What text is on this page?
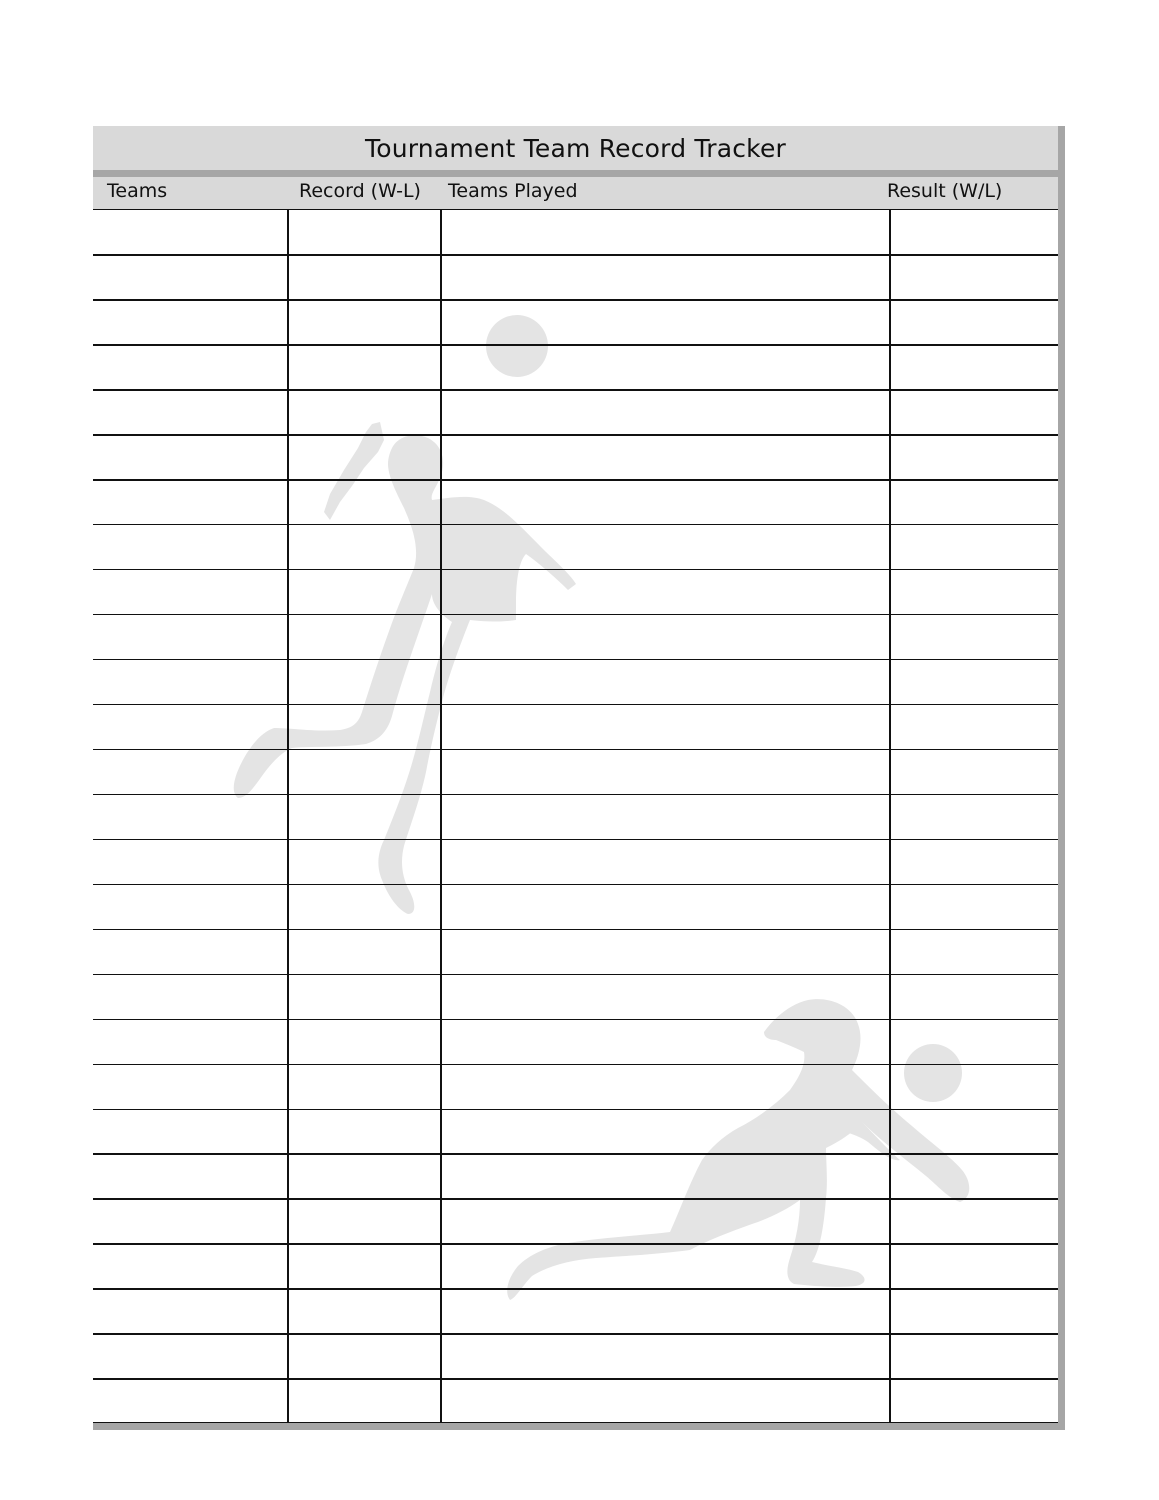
Tournament Team Record Tracker
Teams	Record (W-L) Teams Played	Result (W/L)
